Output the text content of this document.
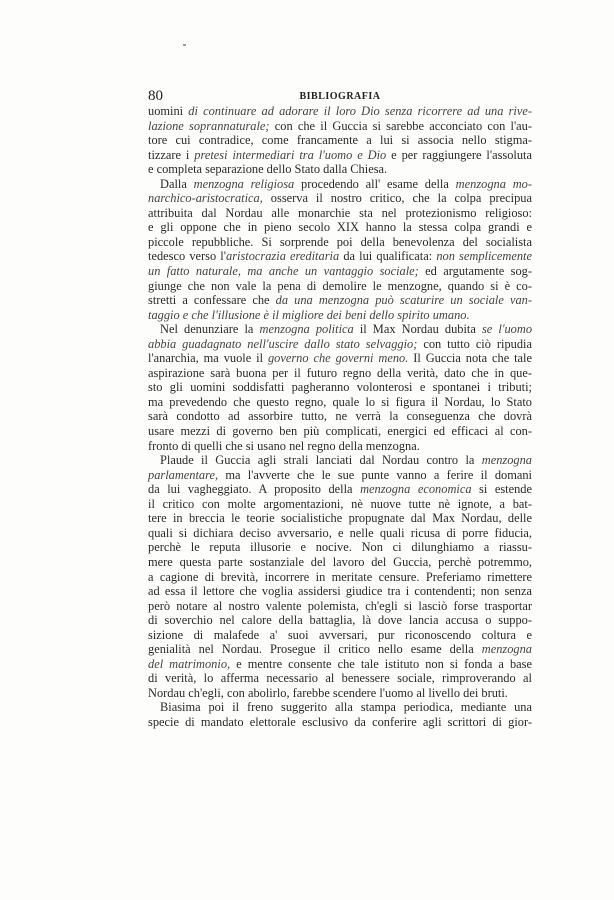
80	BIBLIOGRAFIA
uomini di continuare ad adorare il loro Dio senza ricorrere ad una rive-
lazione soprannaturale; con che il Guccia si sarebbe acconciato con l'au-
tore cui contradice, come francamente a lui si associa nello stigma-
tizzare i pretesi intermediari tra l'uomo e Dio e per raggiungere l'assoluta
e completa separazione dello Stato dalla Chiesa.
Dalla menzogna religiosa procedendo all' esame della menzogna mo-
narchico-aristocratica, osserva il nostro critico, che la colpa precipua
attribuita dal Nordau alle monarchie sta nel protezionismo religioso:
e gli oppone che in pieno secolo XIX hanno la stessa colpa grandi e
piccole repubbliche. Si sorprende poi della benevolenza del socialista
tedesco verso l'aristocrazia ereditaria da lui qualificata: non semplicemente
un fatto naturale, ma anche un vantaggio sociale; ed argutamente sog-
giunge che non vale la pena di demolire le menzogne, quando si è co-
stretti a confessare che da una menzogna può scaturire un sociale van-
taggio e che l'illusione è il migliore dei beni dello spirito umano.
Nel denunziare la menzogna politica il Max Nordau dubita se l'uomo
abbia guadagnato nell'uscire dallo stato selvaggio; con tutto ciò ripudia
l'anarchia, ma vuole il governo che governi meno. Il Guccia nota che tale
aspirazione sarà buona per il futuro regno della verità, dato che in que-
sto gli uomini soddisfatti pagheranno volonterosi e spontanei i tributi;
ma prevedendo che questo regno, quale lo si figura il Nordau, lo Stato
sarà condotto ad assorbire tutto, ne verrà la conseguenza che dovrà
usare mezzi di governo ben più complicati, energici ed efficaci al con-
fronto di quelli che si usano nel regno della menzogna.
Plaude il Guccia agli strali lanciati dal Nordau contro la menzogna
parlamentare, ma l'avverte che le sue punte vanno a ferire il domani
da lui vagheggiato. A proposito della menzogna economica si estende
il critico con molte argomentazioni, nè nuove tutte nè ignote, a bat-
tere in breccia le teorie socialistiche propugnate dal Max Nordau, delle
quali si dichiara deciso avversario, e nelle quali ricusa di porre fiducia,
perchè le reputa illusorie e nocive. Non ci dilunghiamo a riassu-
mere questa parte sostanziale del lavoro del Guccia, perchè potremmo,
a cagione di brevità, incorrere in meritate censure. Preferiamo rimettere
ad essa il lettore che voglia assidersi giudice tra i contendenti; non senza
però notare al nostro valente polemista, ch'egli si lasciò forse trasportar
di soverchio nel calore della battaglia, là dove lancia accusa o suppo-
sizione di malafede a' suoi avversari, pur riconoscendo coltura e
genialità nel Nordau. Prosegue il critico nello esame della menzogna
del matrimonio, e mentre consente che tale istituto non si fonda a base
di verità, lo afferma necessario al benessere sociale, rimproverando al
Nordau ch'egli, con abolirlo, farebbe scendere l'uomo al livello dei bruti.
Biasima poi il freno suggerito alla stampa periodica, mediante una
specie di mandato elettorale esclusivo da conferire agli scrittori di gior-
